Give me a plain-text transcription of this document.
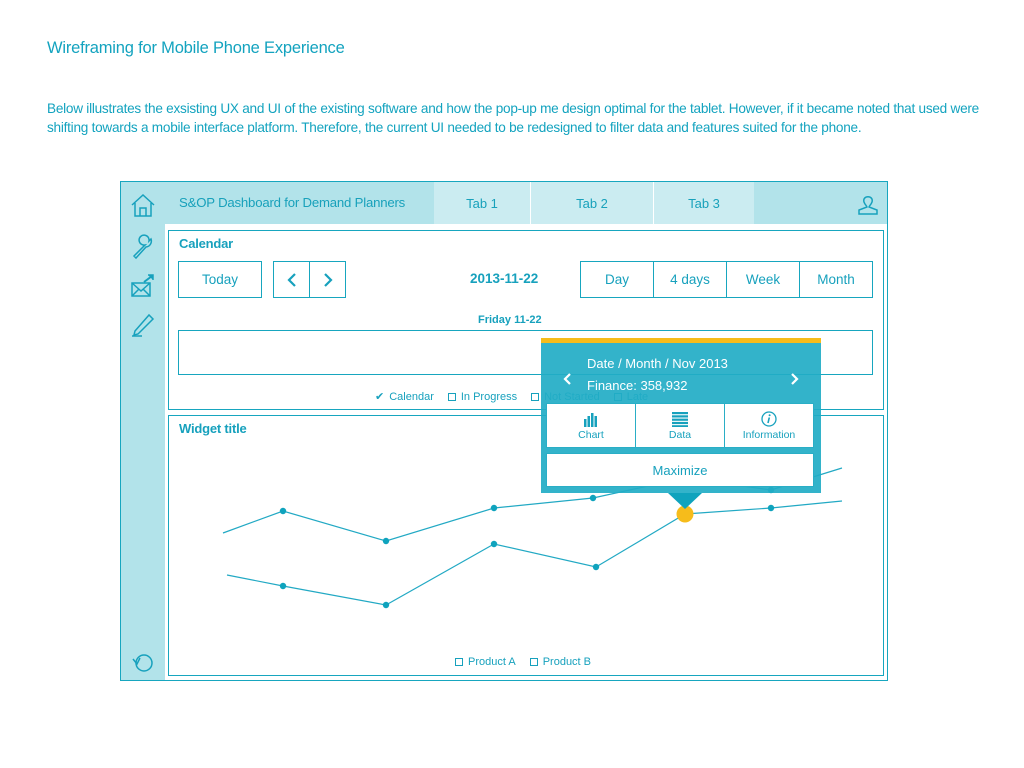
Wireframing for Mobile Phone Experience
Below illustrates the exsisting UX and UI of the existing software and how the pop-up me design optimal for the tablet. However, if it became noted that used were shifting towards a mobile interface platform. Therefore, the current UI needed to be redesigned to filter data and features suited for the phone.
S&OP Dashboard for Demand Planners	Tab 1	Tab 2	Tab 3
Calendar
Today	2013-11-22	Day	4 days	Week	Month
Friday 11-22
✔ Calendar In Progress
Widget title
Product A Product B
Date / Month / Nov 2013
Finance: 358,932
Chart	Data	Information
Maximize
